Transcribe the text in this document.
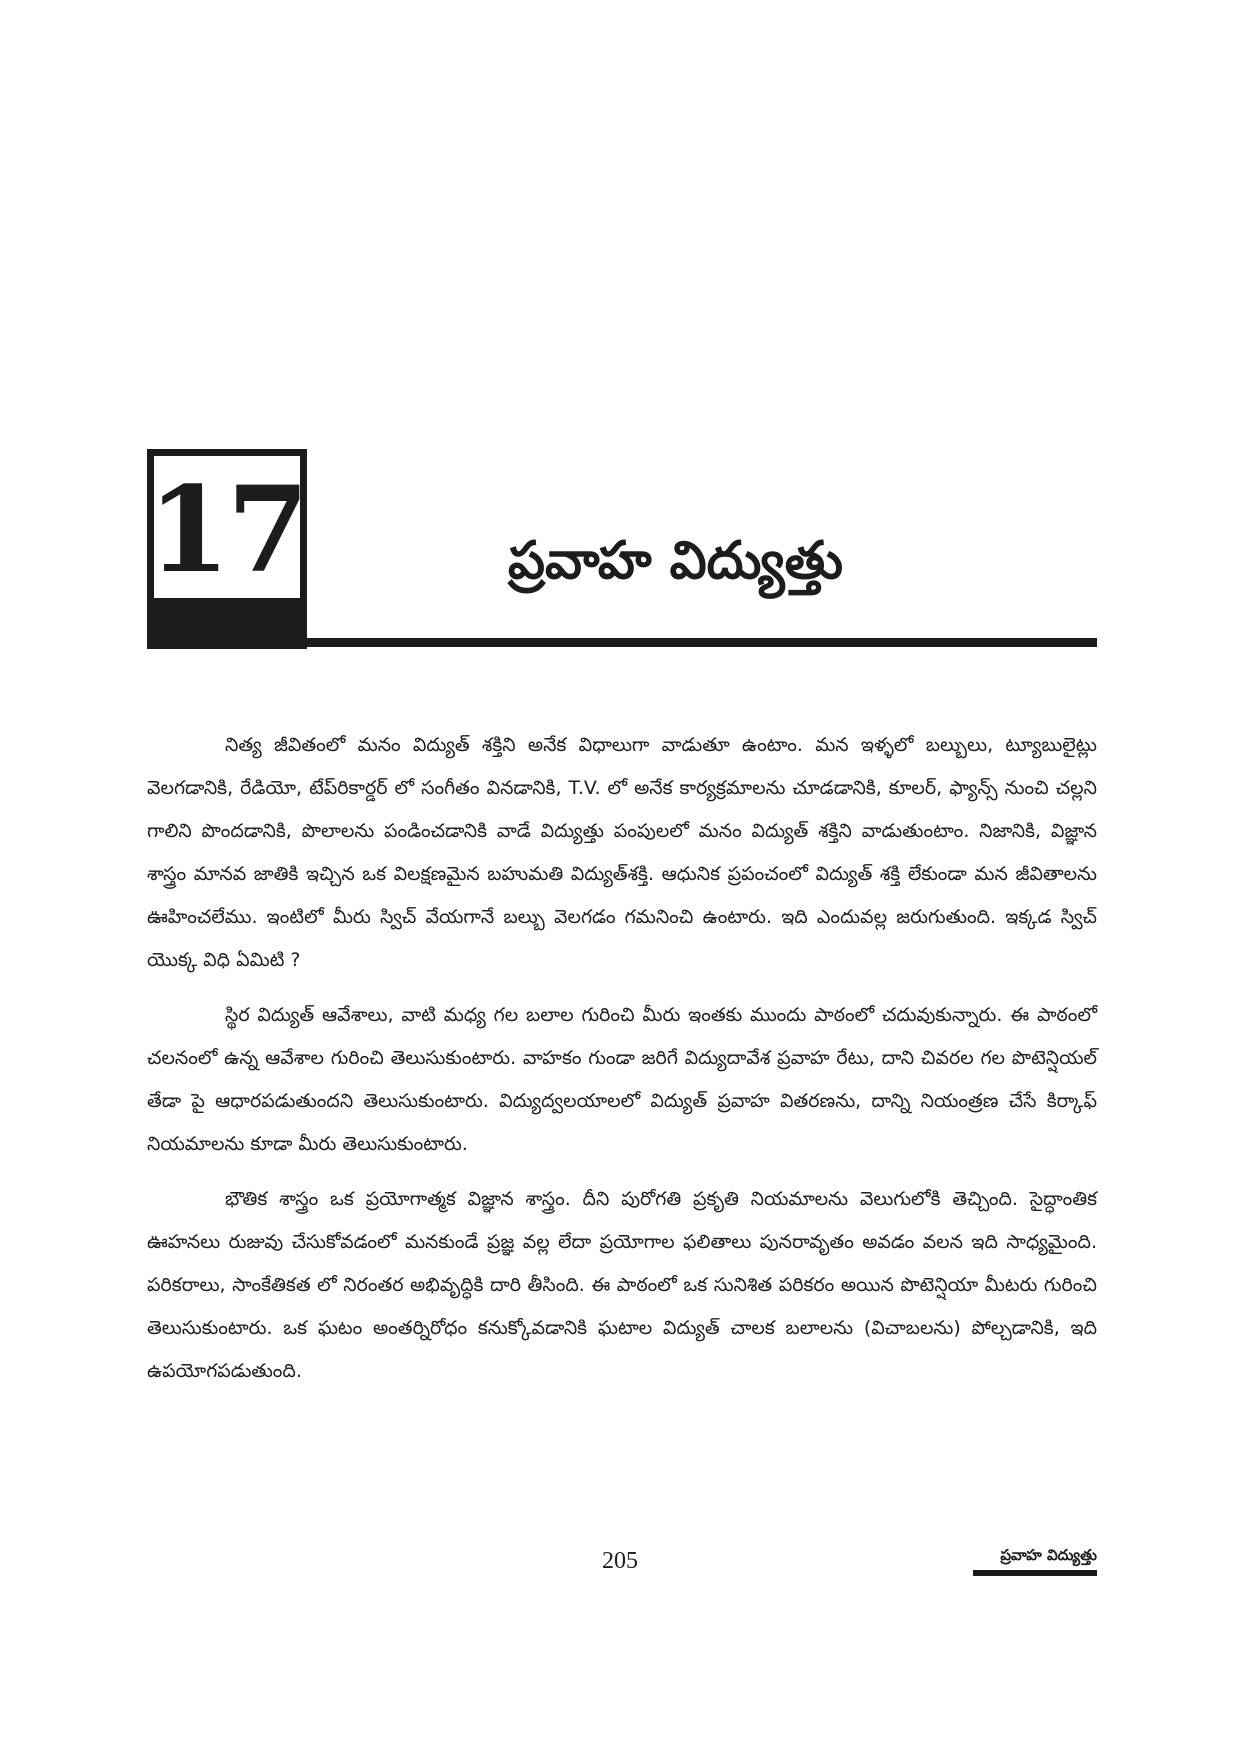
17	ప్రవాహ విద్యుత్తు

నిత్య జీవితంలో మనం విద్యుత్ శక్తిని అనేక విధాలుగా వాడుతూ ఉంటాం. మన ఇళ్ళలో బల్బులు, ట్యూబులైట్లు వెలగడానికి, రేడియో, టేప్‌రికార్డర్ లో సంగీతం వినడానికి, T.V. లో అనేక కార్యక్రమాలను చూడడానికి, కూలర్, ఫ్యాన్స్ నుంచి చల్లని గాలిని పొందడానికి, పొలాలను పండించడానికి వాడే విద్యుత్తు పంపులలో మనం విద్యుత్ శక్తిని వాడుతుంటాం. నిజానికి, విజ్ఞాన శాస్త్రం మానవ జాతికి ఇచ్చిన ఒక విలక్షణమైన బహుమతి విద్యుత్‌శక్తి. ఆధునిక ప్రపంచంలో విద్యుత్ శక్తి లేకుండా మన జీవితాలను ఊహించలేము. ఇంటిలో మీరు స్విచ్ వేయగానే బల్బు వెలగడం గమనించి ఉంటారు. ఇది ఎందువల్ల జరుగుతుంది. ఇక్కడ స్విచ్ యొక్క విధి ఏమిటి ?

స్థిర విద్యుత్ ఆవేశాలు, వాటి మధ్య గల బలాల గురించి మీరు ఇంతకు ముందు పాఠంలో చదువుకున్నారు. ఈ పాఠంలో చలనంలో ఉన్న ఆవేశాల గురించి తెలుసుకుంటారు. వాహకం గుండా జరిగే విద్యుదావేశ ప్రవాహ రేటు, దాని చివరల గల పొటెన్షియల్ తేడా పై ఆధారపడుతుందని తెలుసుకుంటారు. విద్యుద్వలయాలలో విద్యుత్ ప్రవాహ వితరణను, దాన్ని నియంత్రణ చేసే కిర్కాఫ్ నియమాలను కూడా మీరు తెలుసుకుంటారు.

భౌతిక శాస్త్రం ఒక ప్రయోగాత్మక విజ్ఞాన శాస్త్రం. దీని పురోగతి ప్రకృతి నియమాలను వెలుగులోకి తెచ్చింది. సైద్ధాంతిక ఊహనలు రుజువు చేసుకోవడంలో మనకుండే ప్రజ్ఞ వల్ల లేదా ప్రయోగాల ఫలితాలు పునరావృతం అవడం వలన ఇది సాధ్యమైంది. పరికరాలు, సాంకేతికత లో నిరంతర అభివృద్ధికి దారి తీసింది. ఈ పాఠంలో ఒక సునిశిత పరికరం అయిన పొటెన్షియా మీటరు గురించి తెలుసుకుంటారు. ఒక ఘటం అంతర్నిరోధం కనుక్కోవడానికి ఘటాల విద్యుత్ చాలక బలాలను (విచాబలను) పోల్చడానికి, ఇది ఉపయోగపడుతుంది.

205	ప్రవాహ విద్యుత్తు
